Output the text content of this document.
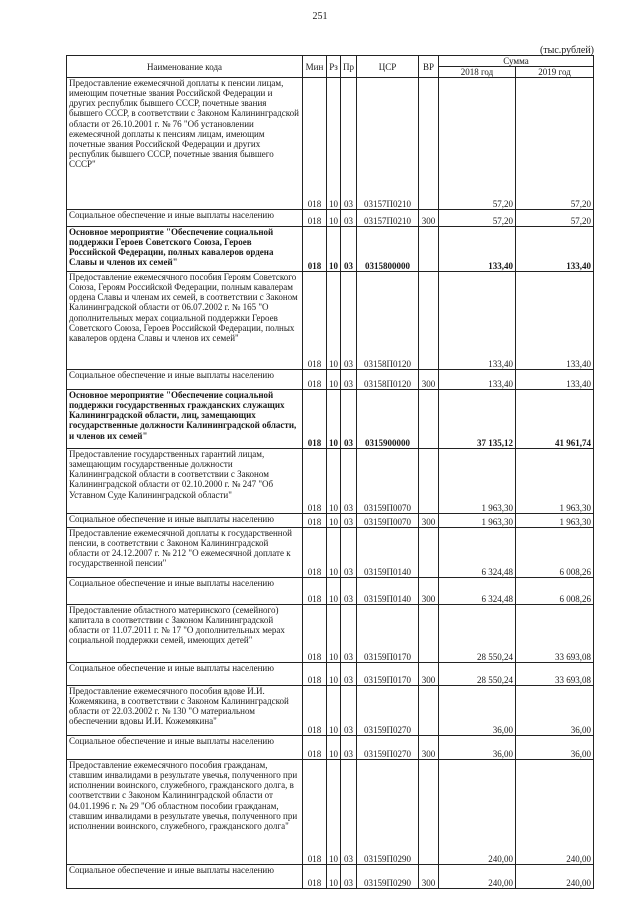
251
(тыс.рублей)
Наименование кода	Мин	Рз	Пр	ЦСР	ВР	Сумма	
						2018 год	2019 год
Предоставление ежемесячной доплаты к пенсии лицам, имеющим почетные звания Российской Федерации и других республик бывшего СССР, почетные звания бывшего СССР, в соответствии с Законом Калининградской области от 26.10.2001 г. № 76 "Об установлении ежемесячной доплаты к пенсиям лицам, имеющим почетные звания Российской Федерации и других республик бывшего СССР, почетные звания бывшего СССР"	018	10	03	03157П0210		57,20	57,20
Социальное обеспечение и иные выплаты населению	018	10	03	03157П0210	300	57,20	57,20
Основное мероприятие "Обеспечение социальной поддержки Героев Советского Союза, Героев Российской Федерации, полных кавалеров ордена Славы и членов их семей"	018	10	03	0315800000		133,40	133,40
Предоставление ежемесячного пособия Героям Советского Союза, Героям Российской Федерации, полным кавалерам ордена Славы и членам их семей, в соответствии с Законом Калининградской области от 06.07.2002 г. № 165 "О дополнительных мерах социальной поддержки Героев Советского Союза, Героев Российской Федерации, полных кавалеров ордена Славы и членов их семей"	018	10	03	03158П0120		133,40	133,40
Социальное обеспечение и иные выплаты населению	018	10	03	03158П0120	300	133,40	133,40
Основное мероприятие "Обеспечение социальной поддержки государственных гражданских служащих Калининградской области, лиц, замещающих государственные должности Калининградской области, и членов их семей"	018	10	03	0315900000		37 135,12	41 961,74
Предоставление государственных гарантий лицам, замещающим государственные должности Калининградской области в соответствии с Законом Калининградской области от 02.10.2000 г. № 247 "Об Уставном Суде Калининградской области"	018	10	03	03159П0070		1 963,30	1 963,30
Социальное обеспечение и иные выплаты населению	018	10	03	03159П0070	300	1 963,30	1 963,30
Предоставление ежемесячной доплаты к государственной пенсии, в соответствии с Законом Калининградской области от 24.12.2007 г. № 212 "О ежемесячной доплате к государственной пенсии"	018	10	03	03159П0140		6 324,48	6 008,26
Социальное обеспечение и иные выплаты населению	018	10	03	03159П0140	300	6 324,48	6 008,26
Предоставление областного материнского (семейного) капитала в соответствии с Законом Калининградской области от 11.07.2011 г. № 17 "О дополнительных мерах социальной поддержки семей, имеющих детей"	018	10	03	03159П0170		28 550,24	33 693,08
Социальное обеспечение и иные выплаты населению	018	10	03	03159П0170	300	28 550,24	33 693,08
Предоставление ежемесячного пособия вдове И.И. Кожемякина, в соответствии с Законом Калининградской области от 22.03.2002 г. № 130 "О материальном обеспечении вдовы И.И. Кожемякина"	018	10	03	03159П0270		36,00	36,00
Социальное обеспечение и иные выплаты населению	018	10	03	03159П0270	300	36,00	36,00
Предоставление ежемесячного пособия гражданам, ставшим инвалидами в результате увечья, полученного при исполнении воинского, служебного, гражданского долга, в соответствии с Законом Калининградской области от 04.01.1996 г. № 29 "Об областном пособии гражданам, ставшим инвалидами в результате увечья, полученного при исполнении воинского, служебного, гражданского долга"	018	10	03	03159П0290		240,00	240,00
Социальное обеспечение и иные выплаты населению	018	10	03	03159П0290	300	240,00	240,00
